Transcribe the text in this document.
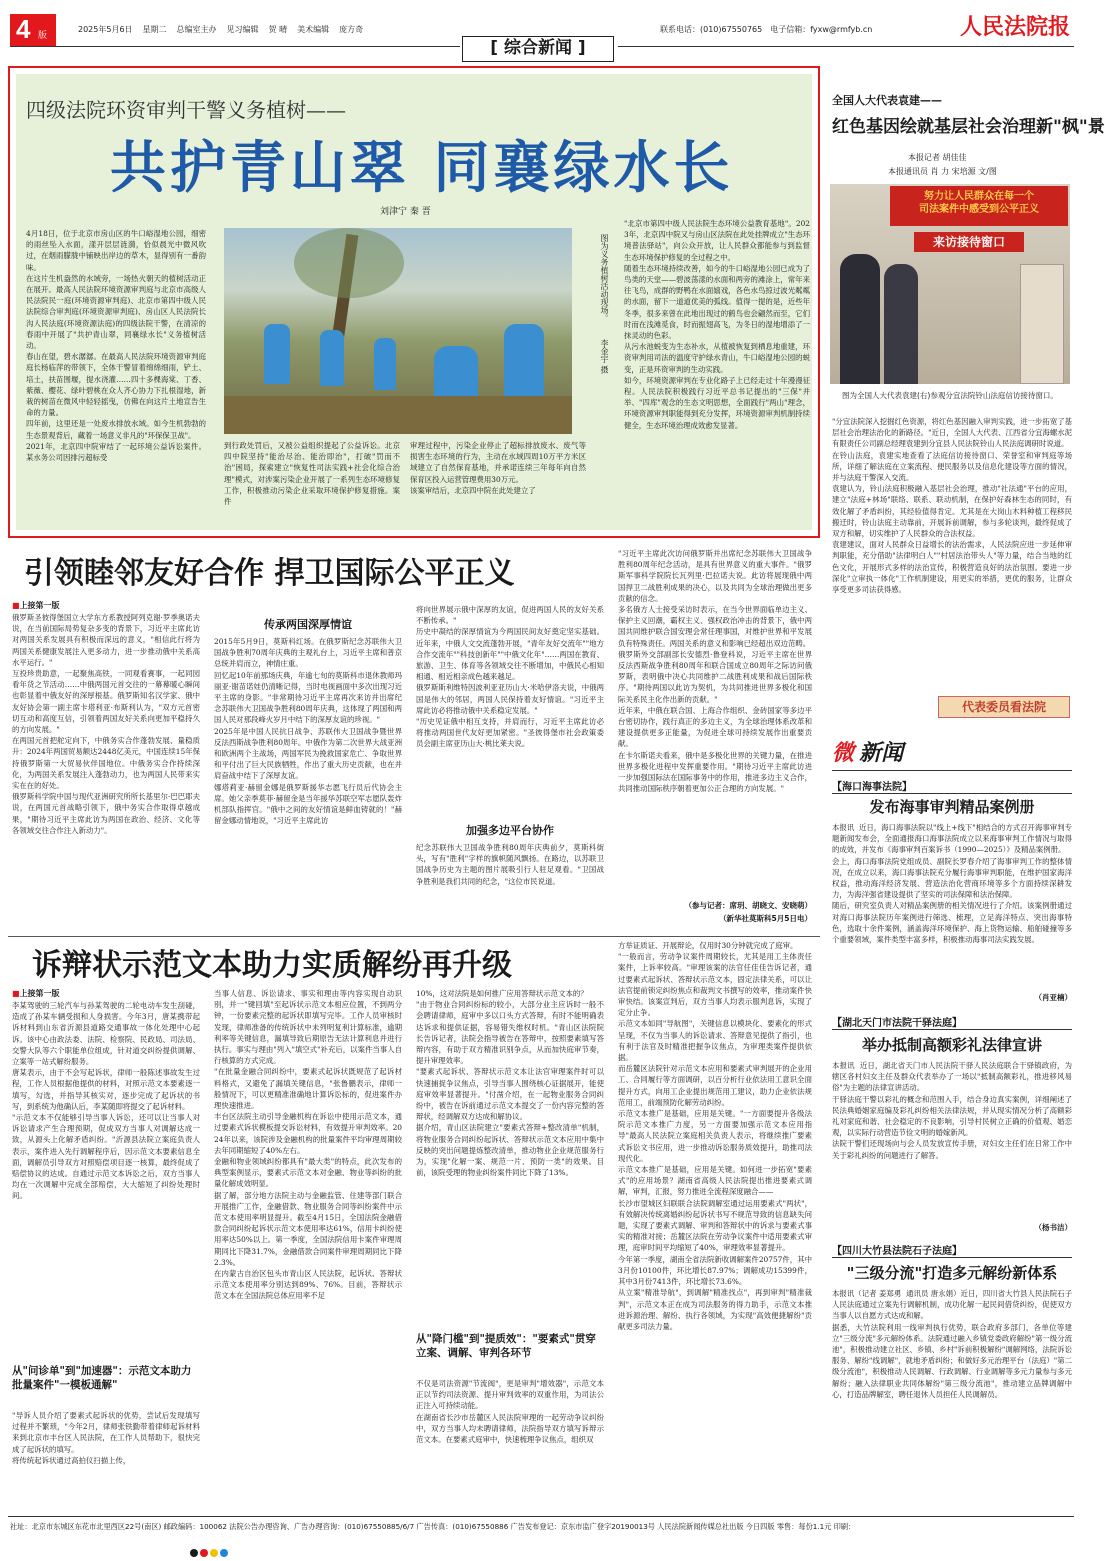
4 版
2025年5月6日 星期二 总编室主办 见习编辑 贺 晴 美术编辑 庞方奇	联系电话：(010)67550765 电子信箱：fyxw@rmfyb.cn	人民法院报
[ 综合新闻 ]
四级法院环资审判干警义务植树——
共护青山翠 同襄绿水长
刘津宁 秦 晋
4月18日，位于北京市房山区的牛口峪湿地公园，细密的雨丝坠入水面，漾开层层涟漪，恰似晨光中微风吹过，在烟雨朦胧中铺映出岸边的草木，显得别有一番韵味。
在这片生机盎然的水域旁，一场热火朝天的植树活动正在展开。最高人民法院环境资源审判庭与北京市高级人民法院民一庭(环境资源审判庭)、北京市第四中级人民法院综合审判庭(环境资源审判庭)、房山区人民法院长沟人民法庭(环境资源法庭)的四级法院干警，在清凉的春雨中开展了"共护青山翠，同襄绿水长"义务植树活动。
春山在望，碧水潺潺。在最高人民法院环境资源审判庭庭长杨临萍的带领下，全体干警冒着绵绵细雨，铲土、培土，扶苗围堰，提水浇灌……四十多棵海棠、丁香、紫薇、樱花、绿叶碧桃在众人齐心协力下扎根湿地，新栽的树苗在微风中轻轻摇曳，仿佛在向这片土地宣告生命的力量。
四年前，这里还是一处废水排放水域。如今生机勃勃的生态景观背后，藏着一场意义非凡的"环保保卫战"。
2021年，北京四中院审结了一起环境公益诉讼案件。某水务公司因排污超标受
图为义务植树活动现场。 李金宇 摄
到行政处罚后，又被公益组织提起了公益诉讼。北京四中院坚持"能治尽治、能治即治"，打破"罚而不治"困局，探索建立"恢复性司法实践+社会化综合治理"模式，对涉案污染企业开展了一系列生态环境修复工作，积极推动污染企业采取环境保护修复措施。案件
审理过程中，污染企业停止了超标排放废水、废气等损害生态环境的行为，主动在水域四周10万平方米区域建立了自然保育基地，并承诺连续三年每年向自然保育区投入运营管理费用30万元。
该案审结后，北京四中院在此处建立了
"北京市第四中级人民法院生态环境公益教育基地"。2023年，北京四中院又与房山区法院在此处挂牌成立"生态环境普法驿站"，向公众开放，让人民群众都能参与到监督生态环境保护修复的全过程之中。
随着生态环境持续改善，如今的牛口峪湿地公园已成为了鸟类的天堂——碧波荡漾的水面和两旁的滩涂上，常年来往飞鸟，成群的野鸭在水面嬉戏，各色水鸟掠过波光粼粼的水面，留下一道道优美的弧线。值得一提的是，近些年冬季，很多来曾在此地出现过的鹤鸟也会翩然而至，它们时而在浅滩觅食，时而振翅高飞，为冬日的湿地增添了一抹灵动的色彩。
从污水池蜕变为生态补水，从植被恢复到栖息地重建，环资审判用司法的温度守护绿水青山，牛口峪湿地公园的蜕变，正是环资审判的生动实践。
如今，环境资源审判在专业化路子上已经走过十年漫漫征程。人民法院积极践行习近平总书记提出的"三保"并举、"四库"观念的生态文明思想，全面践行"两山"理念，环境资源审判职能得到充分发挥，环境资源审判机制持续健全，生态环境治理成效愈发显著。
全国人大代表袁建——
红色基因绘就基层社会治理新"枫"景
本报记者 胡佳佳
本报通讯员 肖 力 宋培源 文/图
努力让人民群众在每一个
司法案件中感受到公平正义
来访接待窗口
图为全国人大代表袁建(右)参观分宜法院铃山法庭信访接待窗口。
"分宜法院深入挖掘红色资源，将红色基因融入审判实践，进一步拓宽了基层社会治理法治化的新路径。"近日，全国人大代表、江西省分宜海螺水泥有限责任公司副总经理袁建到分宜县人民法院铃山人民法庭调研时说道。
在铃山法庭，袁建实地查看了法庭信访接待窗口、荣誉室和审判庭等场所，详细了解法庭在立案流程、便民服务以及信息化建设等方面的情况，并与法庭干警深入交流。
袁建认为，铃山法庭积极融入基层社会治理，推动"社法通"平台的应用，建立"法庭+林场"联络、联系、联动机制，在保护好森林生态的同时，有效化解了矛盾纠纷，其经验值得肯定。尤其是在大岗山木料种植工程移民搬迁时，铃山法庭主动靠前，开展诉前调解，参与多轮谈判，最终促成了双方和解，切实维护了人民群众的合法权益。
袁建建议，面对人民群众日益增长的法治需求，人民法院应进一步延伸审判职能，充分借助"法律明白人""村居法治带头人"等力量，结合当地的红色文化，开展形式多样的法治宣传，积极营造良好的法治氛围。要进一步深化"立审执一体化"工作机制建设，用更实的举措，更优的服务，让群众享受更多司法获得感。
代表委员看法院
引领睦邻友好合作 捍卫国际公平正义
■上接第一版
俄罗斯圣彼得堡国立大学东方系教授阿列克谢·罗季奥诺夫说，在当前国际局势复杂多变的背景下，习近平主席此访对两国关系发展具有积极而深远的意义，"相信此行将为两国关系健康发展注入更多动力，进一步推动俄中关系高水平运行。"
互投珍贵助意，一起聚焦高铁，一同观看赛事，一起同园看年货之节活动……中俄两国元首交往的一幕幕暖心瞬间也彰显着中俄友好的深厚根基。俄罗斯知名汉学家、俄中友好协会第一副主席卡塔利亚·布斯利认为，"双方元首密切互动和高度互信，引领着两国友好关系向更加平稳持久的方向发展。"
在两国元首把舵定向下，中俄务实合作蓬勃发展、量稳质升：2024年两国贸易额达2448亿美元，中国连续15年保持俄罗斯第一大贸易伙伴国地位。中俄务实合作持续深化，为两国关系发展注入蓬勃动力，也为两国人民带来实实在在的好处。
俄罗斯科学院中国与现代亚洲研究所所长基里尔·巴巴耶夫说，在两国元首战略引领下，俄中务实合作取得卓越成果，"期待习近平主席此访为两国在政治、经济、文化等各领域交往合作注入新动力"。
传承两国深厚情谊
2015年5月9日，莫斯科红场。在俄罗斯纪念苏联伟大卫国战争胜利70周年庆典的主观礼台上，习近平主席和普京总统并肩而立，神情庄重。
回忆起10年前那场庆典，年逾七旬的莫斯科市退休教师玛丽亚·谢苗诺娃仍清晰记得，当时电视画面中多次出现习近平主席的身影。"非常期待习近平主席再次来访并出席纪念苏联伟大卫国战争胜利80周年庆典，这体现了两国和两国人民对那段峰火岁月中结下的深厚友谊的珍视。"
2025年是中国人民抗日战争、苏联伟大卫国战争暨世界反法西斯战争胜利80周年。中俄作为第二次世界大战亚洲和欧洲两个主战场，两国军民为挽救国家危亡、争取世界和平付出了巨大民族牺牲，作出了重大历史贡献，也在并肩奋战中结下了深厚友谊。
娜塔莉亚·赫留金娜是俄罗斯援华志愿飞行员后代协会主席。她父亲季莫菲·赫留金是当年援华苏联空军志愿队轰炸机部队指挥官。"俄中之间的友好情谊是鲜血铸就的！"赫留金娜动情地说，"习近平主席此访
将向世界展示俄中深厚的友谊，促进两国人民的友好关系不断传承。"
历史中凝结的深厚情谊为今两国民间友好奠定坚实基础。近年来，中俄人文交流蓬勃开展，"青年友好交流年""地方合作交流年""科技创新年""中俄文化年"……两国在教育、旅游、卫生、体育等各领域交往不断增加，中俄民心相知相通、相近相亲成色越来越足。
俄罗斯斯利维特因波利亚亚历山大·米哈伊洛夫说，中俄两国是伟大的邻居，两国人民保持着友好情谊。"习近平主席此访必将推动俄中关系稳定发展。"
"历史见证俄中相互支持，并肩而行，习近平主席此访必将推动两国世代友好更加紧密。"圣彼得堡市社会政策委员会副主席亚历山大·桃比莱夫说。
加强多边平台协作
纪念苏联伟大卫国战争胜利80周年庆典前夕，莫斯科街头，写有"胜利"字样的旗帜随风飘扬。在路边，以苏联卫国战争历史为主题的图片展吸引行人驻足观看。"卫国战争胜利是我们共同的纪念，"这位市民说道。
"习近平主席此次访问俄罗斯并出席纪念苏联伟大卫国战争胜利80周年纪念活动，是具有世界意义的重大事件。"俄罗斯军事科学院院长瓦列里·巴拉诺夫说。此访将展现俄中两国捍卫二战胜利成果的决心，以及共同为全球治理做出更多贡献的信念。
多名俄方人士接受采访时表示，在当今世界面临单边主义、保护主义回潮，霸权主义、强权政治冲击的背景下，俄中两国共同维护联合国安理会常任理事国，对维护世界和平发展负有特殊责任。两国关系的意义和影响已经超出双边范畴。
俄罗斯外交部副部长安德烈·鲁登科说，习近平主席在世界反法西斯战争胜利80周年和联合国成立80周年之际访问俄罗斯，表明俄中决心共同维护二战胜利成果和战后国际秩序。"期待两国以此访为契机，为共同推进世界多极化和国际关系民主化作出新的贡献。"
近年来，中俄在联合国、上海合作组织、金砖国家等多边平台密切协作，践行真正的多边主义，为全球治理体系改革和建设提供更多正能量，为促进全球可持续发展作出重要贡献。
在卡尔斯诺夫看来，俄中是多极化世界的关键力量，在推进世界多极化进程中发挥重要作用。"期待习近平主席此访进一步加强国际法在国际事务中的作用，推进多边主义合作，共同推动国际秩序朝着更加公正合理的方向发展。"
（参与记者：席玥、胡晓文、安晓萌）
（新华社莫斯科5月5日电）
诉辩状示范文本助力实质解纷再升级
■上接第一版
李某驾驶的三轮汽车与孙某驾驶的二轮电动车发生刮碰，造成了孙某车辆受损和人身损害。今年3月，唐某携带起诉材料到山东省沂源县道路交通事故一体化处理中心起诉。该中心由政法委、法院、检察院、民政局、司法局、交警大队等六个职能单位组成，针对道交纠纷提供调解、立案等一站式解纷服务。
唐某表示，由于不会写起诉状，律师一般陈述事故发生过程，工作人员根据他提供的材料，对照示范文本要素逐一填写，勾选，并指导其核实对，逐步完成了起诉状的书写，到系统为他确认后，李某随即将提交了起诉材料。
"示范文本不仅能够引导当事人诉讼，还可以让当事人对诉讼请求产生合理预期，促成双方当事人对调解达成一致，从源头上化解矛盾纠纷。"沂源县法院立案庭负责人表示，案件进入先行调解程序后，因示范文本要素信息全面，调解员引导双方对照赔偿项目逐一核算，最终促成了赔偿协议的达成。自通过示范文本诉讼之后，双方当事人均在一次调解中完成全部赔偿，大大缩短了纠纷处理时间。
从"问诊单"到"加速器"：示范文本助力批量案件"一模板通解"
"导诉人员介绍了要素式起诉状的优势，尝试后发现填写过程并不繁琐，"今年2月，律师张铁勤带着律师起诉材料来到北京市丰台区人民法院，在工作人员帮助下，很快完成了起诉状的填写。
将传统起诉状通过高拍仪扫描上传，
当事人信息、诉讼请求、事实和理由等内容实现自动识别，并一"键回填"至起诉状示范文本相应位置，不到两分钟，一份要素完整的起诉状即填写完毕。工作人员审核时发现，律师准备的传统诉状中未列明复利计算标准，逾期利率等关键信息，漏填导致后期原告无法计算利息并进行执行。事实与理由"列入"填空式"补充后，以案件当事人自行核算的方式完成。
"在批量金融合同纠纷中，要素式起诉状既规范了起诉材料格式，又避免了漏填关键信息，"张鲁鹏表示，律师一般情况下，可以更精准准确地计算诉讼标的，促进案件办理快速推进。
丰台区法院主动引导金融机构在诉讼中使用示范文本，通过要素式诉状模板提交诉讼材料，有效提升审判效率。2024年以来，该院涉及金融机构的批量案件平均审理周期较去年同期缩短了40%左右。
金融和物业领域纠纷都具有"最大类"的特点，此次发布的典型案例显示，要素式示范文本对金融、物业等纠纷的批量化解成效明显。
据了解，部分地方法院主动与金融监管、住建等部门联合开展推广工作，金融借款、物业服务合同等纠纷案件中示范文本使用率明显提升。截至4月15日，全国法院金融借款合同纠纷起诉状示范文本使用率达61%，信用卡纠纷使用率达50%以上。第一季度，全国法院信用卡案件审理周期同比下降31.7%，金融借款合同案件审理周期同比下降2.3%。
在内蒙古自治区包头市青山区人民法院，起诉状、答辩状示范文本使用率分别达到89%、76%。目前，答辩状示范文本在全国法院总体应用率不足
10%，这对法院是如何推广应用答辩状示范文本的？
"由于物业合同纠纷标的较小，大部分业主应诉时一般不会聘请律师，庭审中多以口头方式答辩，有时不能明确表达诉求和提供证据，容易错失维权时机。"青山区法院院长告诉记者，法院会指导被告在答辩中，按照要素填写答辩内容，有助于双方精准识别争点，从而加快庭审节奏，提升审理效率。
"要素式起诉状、答辩状示范文本让法官审理案件时可以快速捕捉争议焦点，引导当事人围绕核心证据展开，能使庭审效率显著提升。"付凿介绍，在一起物业服务合同纠纷中，被告在诉前通过示范文本提交了一份内容完整的答辩状，经调解双方达成和解协议。
据介绍，青山区法院建立"要素式答辩+整改清单"机制，将物业服务合同纠纷起诉状、答辩状示范文本应用中集中反映的突出问题提炼整改清单，推动物业企业规范服务行为，实现"化解一案、规范一片、预防一类"的效果。目前，该院受理的物业纠纷案件同比下降了13%。
从"降门槛"到"提质效"："要素式"贯穿立案、调解、审判各环节
不仅是司法资源"节流阀"，更是审判"增效器"，示范文本正以节约司法资源、提升审判效率的双重作用，为司法公正注入可持续动能。
在湖南省长沙市岳麓区人民法院审理的一起劳动争议纠纷中，双方当事人均未聘请律师，法院指导双方填写诉辩示范文本。在要素式庭审中，快速梳理争议焦点，组织双
方举证质证、开展辩论，仅用时30分钟就完成了庭审。
"一般而言，劳动争议案件周期较长，尤其是用工主体责任案件，上诉率较高。"审理该案的法官任佳佳告诉记者，通过要素式起诉状、答辩状示范文本，固定法律关系，可以让法官提前锁定纠纷焦点和裁判文书撰写的效率，推动案件快审快结。该案宣判后，双方当事人均表示服判息诉，实现了定分止争。
示范文本如同"导航图"，关键信息以模块化、要素化的形式呈现，不仅为当事人的诉讼请求、答辩意见提供了指引，也有利于法官及时精准把握争议焦点，为审理类案件提供依据。
而岳麓区法院针对示范文本应用和要素式审判展开的企业用工、合同履行等方面调研，以百分析行业依法用工意识全面提升方式，向用工企业提出规范用工建议，助力企业依法规范用工，前端预防化解劳动纠纷。
示范文本推广是基础，应用是关键。"一方面要提升各级法院示范文本推广力度，另一方面要加强示范文本应用指导"最高人民法院立案庭相关负责人表示，将继续推广要素式诉讼文书应用，进一步推动诉讼服务质效提升，助推司法现代化。
示范文本推广是基础，应用是关键。如何进一步拓宽"要素式"的应用场景？湖南省高级人民法院提出推进要素式调解，审判，汇报，努力推进全流程深度融合——
长沙市望城区妇联联合法院调解室通过运用要素式"两状"，有效解决传统离婚纠纷起诉状书写不规范导致的信息缺失问题，实现了要素式调解、审判和答辩状中的诉求与要素式事实的精准对接；岳麓区法院在劳动争议案件中适用要素式审理，庭审时间平均缩短了40%，审理效率显著提升。
今年第一季度，湖南全省法院新收调解案件20757件，其中3月份10100件，环比增长87.97%；调解成功15399件，其中3月份7413件，环比增长73.6%。
从立案"精准导航"，到调解"精准找点"，再到审判"精准裁判"，示范文本正在成为司法服务的得力助手，示范文本推进诉源治理、解纷、执行各领域，为实现"高效便捷解纷"贡献更多司法力量。
微 新闻
【海口海事法院】
发布海事审判精品案例册
本报讯  近日，海口海事法院以"线上+线下"相结合的方式召开海事审判专题新闻发布会，全面通报海口海事法院成立以来海事审判工作情况与取得的成效，并发布《海事审判百案诉书（1990—2025）》及精品案例册。
会上，海口海事法院党组成员、副院长罗春介绍了海事审判工作的整体情况，在成立以来，海口海事法院充分履行海事审判职能，在维护国家海洋权益，推动海洋经济发展、营造法治化营商环境等多个方面持续深耕发力，为海洋强省建设提供了坚实的司法保障和法治保障。
随后，研究室负责人对精品案例册的相关情况进行了介绍。该案例册通过对海口海事法院历年案例进行筛选、梳理，立足海洋特点、突出海事特色，选取十余件案例，涵盖海洋环境保护、海上货物运输、船舶碰撞等多个重要领域，案件类型丰富多样，积极推动海事司法实践发展。
（肖亚楠）
【湖北天门市法院干驿法庭】
举办抵制高额彩礼法律宣讲
本报讯  近日，湖北省天门市人民法院干驿人民法庭联合干驿镇政府，为辖区各村妇女主任及群众代表举办了一场以"抵制高额彩礼，推进移风易俗"为主题的法律宣讲活动。
干驿法庭干警以彩礼的概念和范围入手，结合身边真实案例，详细阐述了民法典婚姻家庭编及彩礼纠纷相关法律法规，并从现实情况分析了高额彩礼对家庭和谐、社会稳定的不良影响，引导村民树立正确的价值观、婚恋观，以实际行动营造节俭文明的婚嫁新风。
法院干警们还现场向与会人员发放宣传手册，对妇女主任们在日常工作中关于彩礼纠纷的问题进行了解答。
（杨书洁）
【四川大竹县法院石子法庭】
"三级分流"打造多元解纷新体系
本报讯（记者 姜郑勇  通讯员 唐永娟）近日，四川省大竹县人民法院石子人民法庭通过立案先行调解机制，成功化解一起民间借贷纠纷，促使双方当事人以自愿方式达成和解。
据悉，大竹法院利用一线审判执行优势，联合政府多部门，各单位等建立"三级分流"多元解纷体系。法院通过融入乡镇党委政府解纷"第一级分流池"，积极推动建立社区、乡镇、乡村"诉前积极解纷"调解网络，法院诉讼服务、解纷"线调解"，就地矛盾纠纷；和做好多元治理平台（法庭）"第二级分流池"，积极推动人民调解、行政调解、行业调解等多元力量参与多元解纷；融入法律职业共同体解纷"第三级分流池"，推动建立品牌调解中心，打造品牌解室，聘任退休人员担任人民调解员。
社址：北京市东城区东花市北里西区22号(南区) 邮政编码：100062 法院公告办理咨询、广告办理咨询：(010)67550885/6/7 广告传真：(010)67550886 广告发布登记：京东市监广登字20190013号 人民法院新闻传媒总社出版 今日四版 零售：每份1.1元 印刷：
